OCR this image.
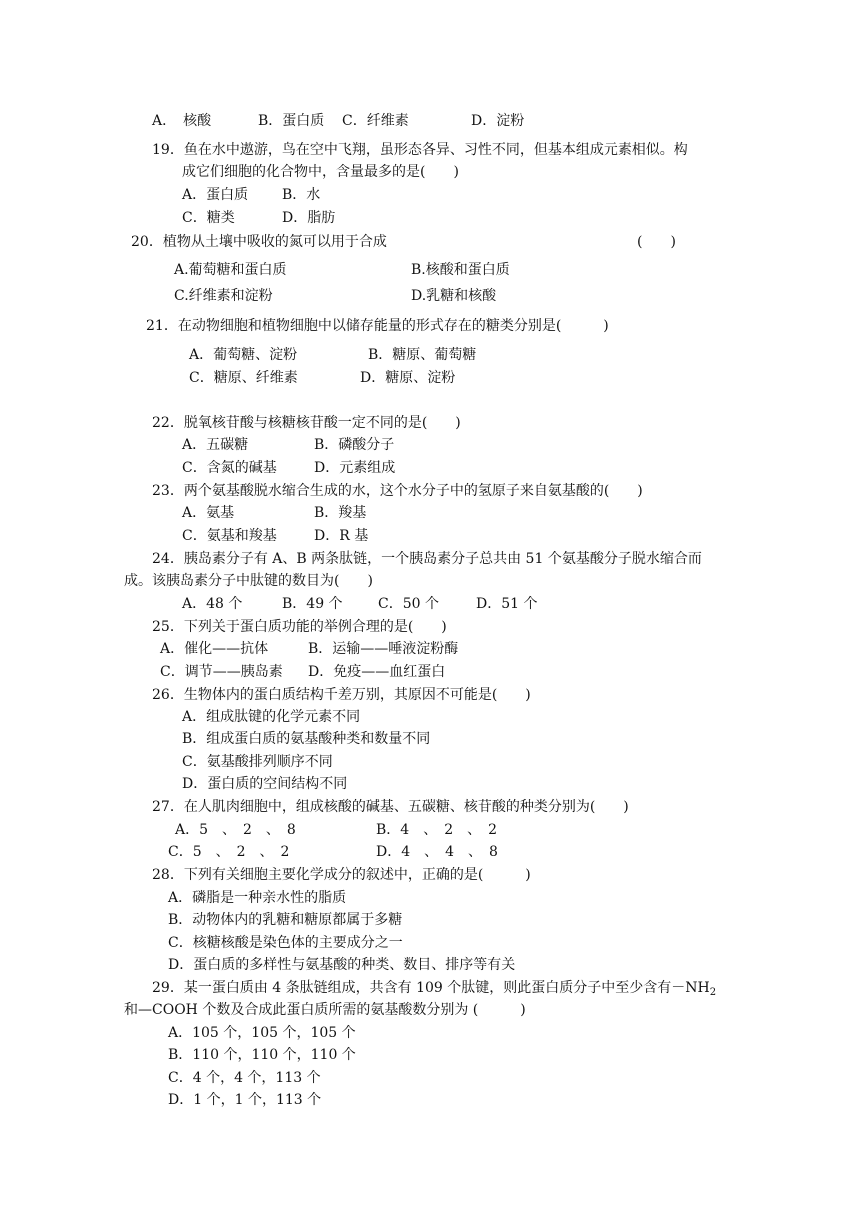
A．　核酸	B．蛋白质 C．纤维素	D．淀粉
19．鱼在水中遨游，鸟在空中飞翔，虽形态各异、习性不同，但基本组成元素相似。构
成它们细胞的化合物中，含量最多的是(　　)
A．蛋白质 B．水
C．糖类	D．脂肪
20．植物从土壤中吸收的氮可以用于合成	(　　)
A.葡萄糖和蛋白质	B.核酸和蛋白质
C.纤维素和淀粉	D.乳糖和核酸
21．在动物细胞和植物细胞中以储存能量的形式存在的糖类分别是(　　　)
A．葡萄糖、淀粉	B．糖原、葡萄糖
C．糖原、纤维素	D．糖原、淀粉
22．脱氧核苷酸与核糖核苷酸一定不同的是(　　)
A．五碳糖	B．磷酸分子
C．含氮的碱基	D．元素组成
23．两个氨基酸脱水缩合生成的水，这个水分子中的氢原子来自氨基酸的(　　)
A．氨基	B．羧基
C．氨基和羧基	D．R 基
24．胰岛素分子有 A、B 两条肽链，一个胰岛素分子总共由 51 个氨基酸分子脱水缩合而
成。该胰岛素分子中肽键的数目为(　　)
A．48 个	B．49 个	C．50 个	D．51 个
25．下列关于蛋白质功能的举例合理的是(　　)
A．催化——抗体	B．运输——唾液淀粉酶
C．调节——胰岛素 D．免疫——血红蛋白
26．生物体内的蛋白质结构千差万别，其原因不可能是(　　)
A．组成肽键的化学元素不同
B．组成蛋白质的氨基酸种类和数量不同
C．氨基酸排列顺序不同
D．蛋白质的空间结构不同
27．在人肌肉细胞中，组成核酸的碱基、五碳糖、核苷酸的种类分别为(　　)
A．5　、　2　、　8	B．4　、　2　、　2
C．5　、　2　、　2	D．4　、　4　、　8
28．下列有关细胞主要化学成分的叙述中，正确的是(　　　)
A．磷脂是一种亲水性的脂质
B．动物体内的乳糖和糖原都属于多糖
C．核糖核酸是染色体的主要成分之一
D．蛋白质的多样性与氨基酸的种类、数目、排序等有关
29．某一蛋白质由 4 条肽链组成，共含有 109 个肽键，则此蛋白质分子中至少含有$-NH_2$
和—COOH 个数及合成此蛋白质所需的氨基酸数分别为 (　　　)
A．105 个，105 个，105 个
B．110 个，110 个，110 个
C．4 个，4 个，113 个
D．1 个，1 个，113 个
